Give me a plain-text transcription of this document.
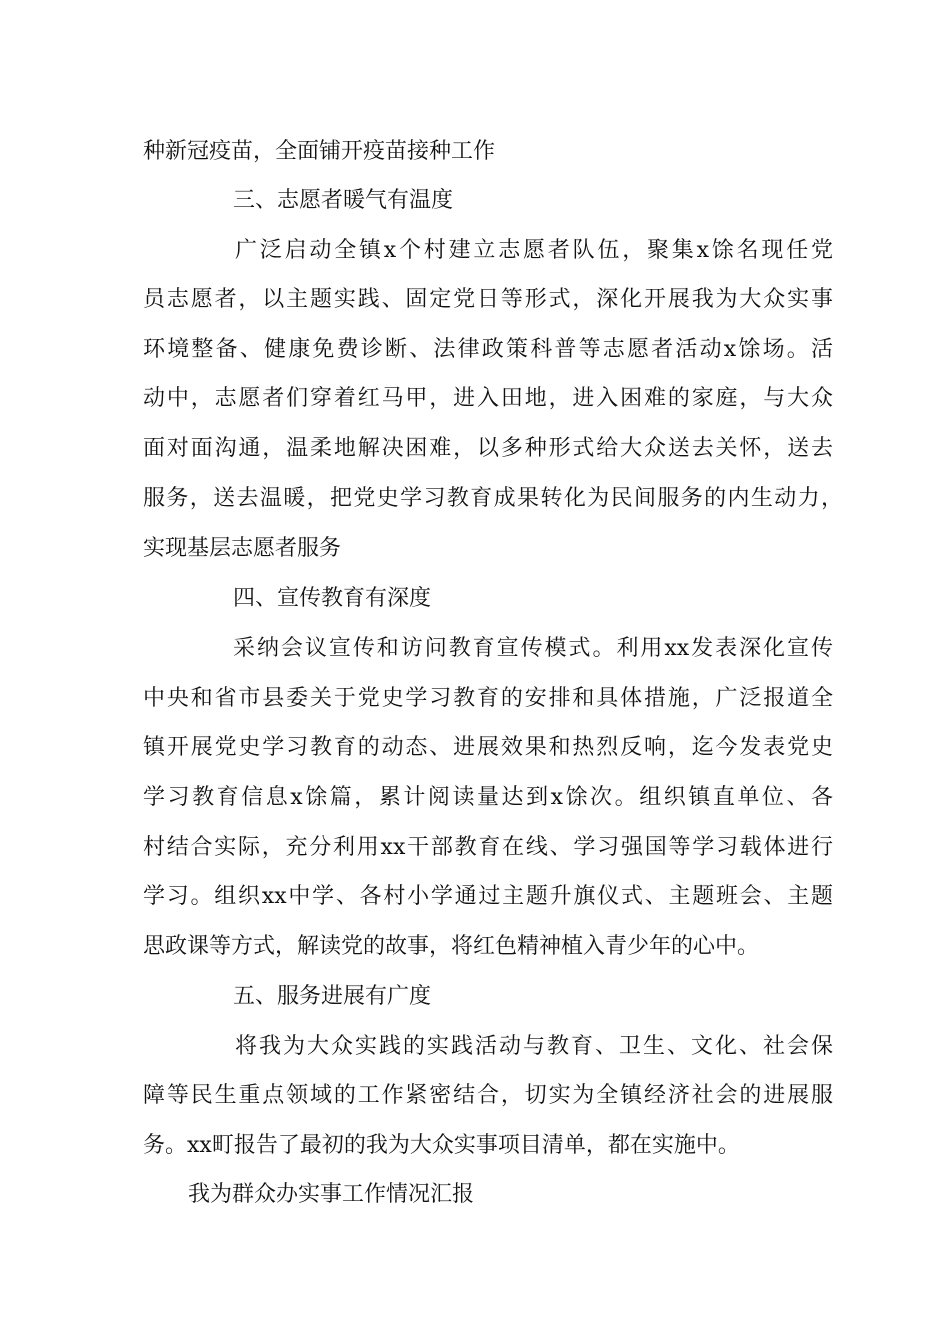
种新冠疫苗，全面铺开疫苗接种工作

三、志愿者暖气有温度

广泛启动全镇x个村建立志愿者队伍，聚集x馀名现任党

员志愿者，以主题实践、固定党日等形式，深化开展我为大众实事

环境整备、健康免费诊断、法律政策科普等志愿者活动x馀场。活

动中，志愿者们穿着红马甲，进入田地，进入困难的家庭，与大众

面对面沟通，温柔地解决困难，以多种形式给大众送去关怀，送去

服务，送去温暖，把党史学习教育成果转化为民间服务的内生动力，

实现基层志愿者服务

四、宣传教育有深度

采纳会议宣传和访问教育宣传模式。利用xx发表深化宣传

中央和省市县委关于党史学习教育的安排和具体措施，广泛报道全

镇开展党史学习教育的动态、进展效果和热烈反响，迄今发表党史

学习教育信息x馀篇，累计阅读量达到x馀次。组织镇直单位、各

村结合实际，充分利用xx干部教育在线、学习强国等学习载体进行

学习。组织xx中学、各村小学通过主题升旗仪式、主题班会、主题

思政课等方式，解读党的故事，将红色精神植入青少年的心中。

五、服务进展有广度

将我为大众实践的实践活动与教育、卫生、文化、社会保

障等民生重点领域的工作紧密结合，切实为全镇经济社会的进展服

务。xx町报告了最初的我为大众实事项目清单，都在实施中。

我为群众办实事工作情况汇报
